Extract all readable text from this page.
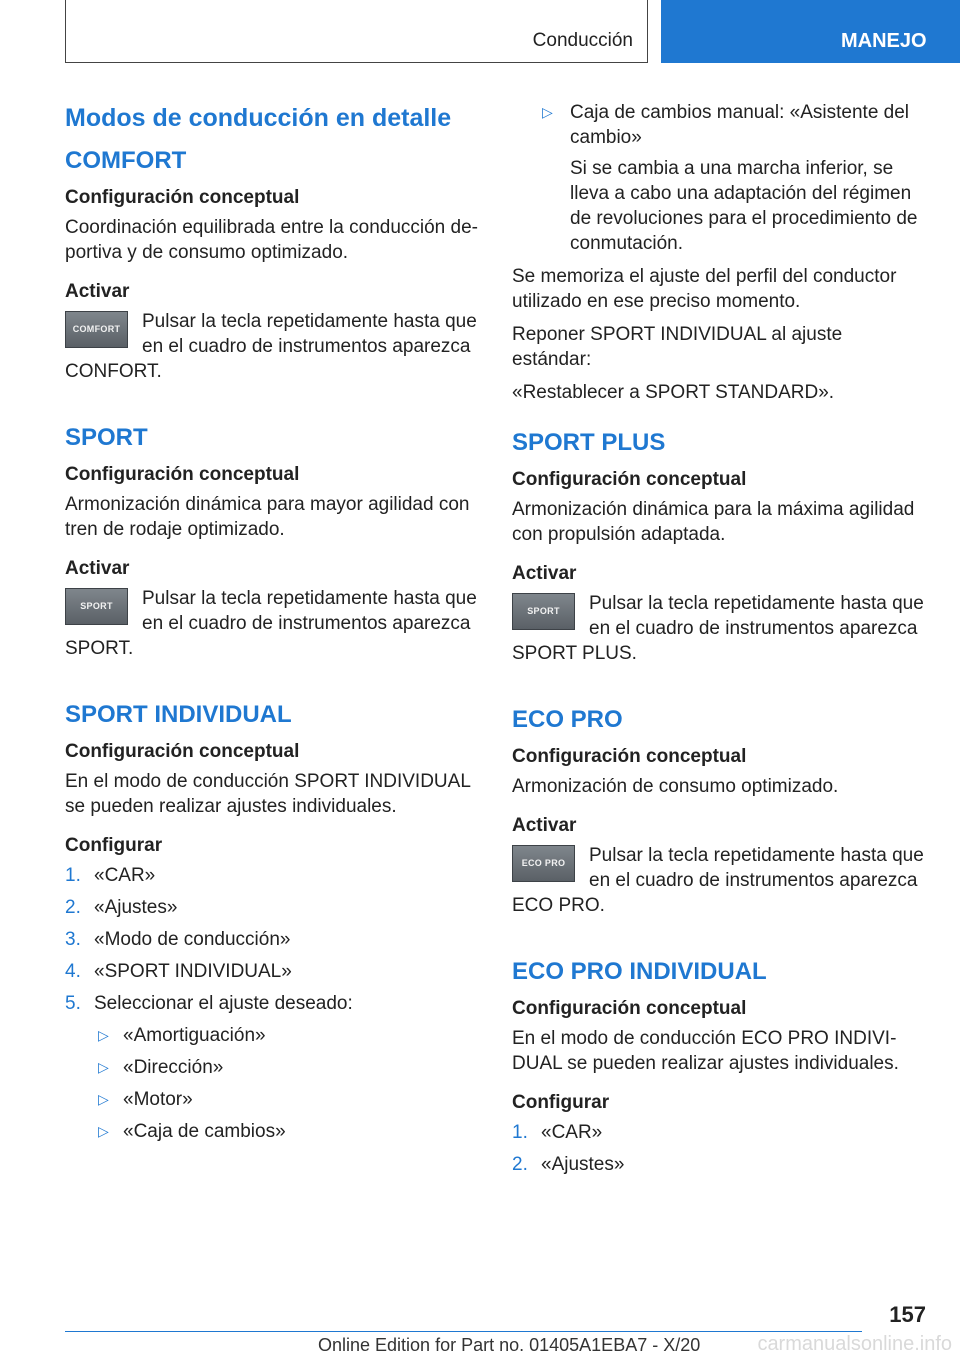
Conducción	MANEJO
Modos de conducción en detalle
COMFORT
Configuración conceptual
Coordinación equilibrada entre la conducción deportiva y de consumo optimizado.
Activar
COMFORT	Pulsar la tecla repetidamente hasta que en el cuadro de instrumentos aparezca CONFORT.
SPORT
Configuración conceptual
Armonización dinámica para mayor agilidad con tren de rodaje optimizado.
Activar
SPORT	Pulsar la tecla repetidamente hasta que en el cuadro de instrumentos aparezca SPORT.
SPORT INDIVIDUAL
Configuración conceptual
En el modo de conducción SPORT INDIVIDUAL se pueden realizar ajustes individuales.
Configurar
1. «CAR»
2. «Ajustes»
3. «Modo de conducción»
4. «SPORT INDIVIDUAL»
5. Seleccionar el ajuste deseado:
▷ «Amortiguación»
▷ «Dirección»
▷ «Motor»
▷ «Caja de cambios»
▷ Caja de cambios manual: «Asistente del cambio»
Si se cambia a una marcha inferior, se lleva a cabo una adaptación del régimen de revoluciones para el procedimiento de conmutación.
Se memoriza el ajuste del perfil del conductor utilizado en ese preciso momento.
Reponer SPORT INDIVIDUAL al ajuste estándar:
«Restablecer a SPORT STANDARD».
SPORT PLUS
Configuración conceptual
Armonización dinámica para la máxima agilidad con propulsión adaptada.
Activar
SPORT	Pulsar la tecla repetidamente hasta que en el cuadro de instrumentos aparezca SPORT PLUS.
ECO PRO
Configuración conceptual
Armonización de consumo optimizado.
Activar
ECO PRO	Pulsar la tecla repetidamente hasta que en el cuadro de instrumentos aparezca ECO PRO.
ECO PRO INDIVIDUAL
Configuración conceptual
En el modo de conducción ECO PRO INDIVIDUAL se pueden realizar ajustes individuales.
Configurar
1. «CAR»
2. «Ajustes»
157
Online Edition for Part no. 01405A1EBA7 - X/20	carmanualsonline.info
